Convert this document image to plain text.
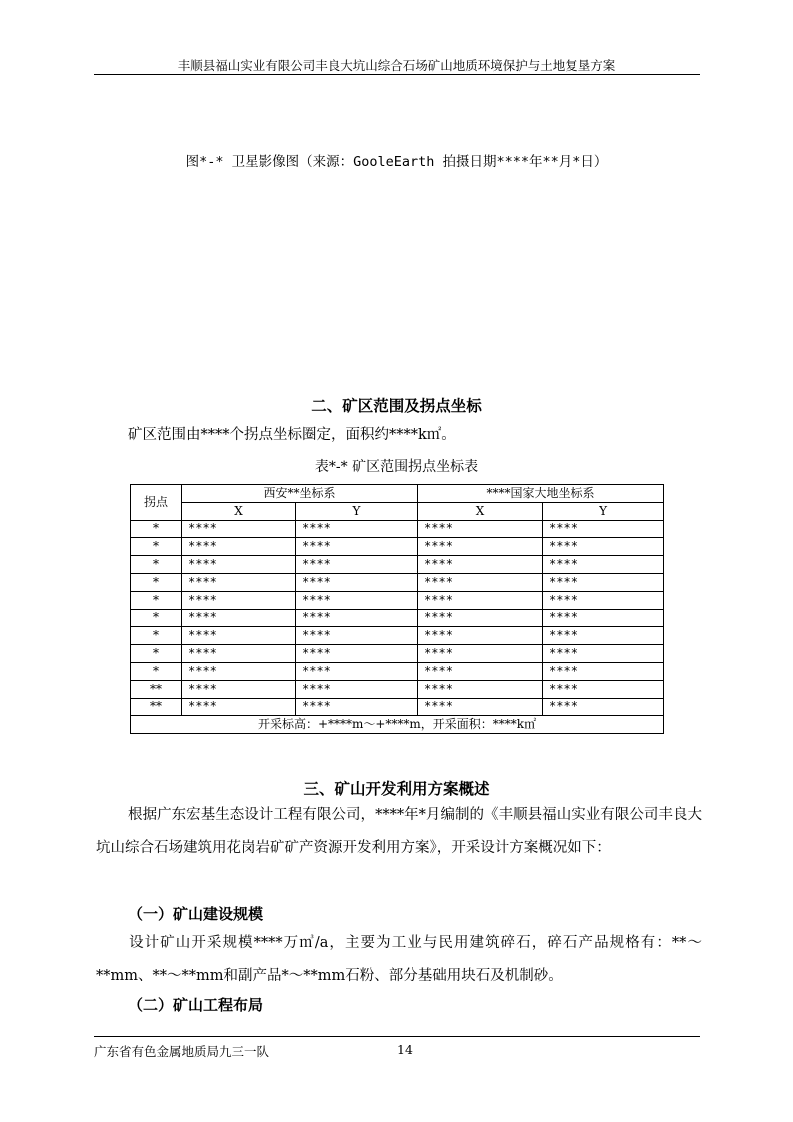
丰顺县福山实业有限公司丰良大坑山综合石场矿山地质环境保护与土地复垦方案
图*-* 卫星影像图（来源：GooleEarth 拍摄日期****年**月*日）
二、矿区范围及拐点坐标
矿区范围由****个拐点坐标圈定，面积约****k㎡。
表*-* 矿区范围拐点坐标表
拐点	西安**坐标系		****国家大地坐标系	
	X	Y	X	Y
*	****	****	****	****
*	****	****	****	****
*	****	****	****	****
*	****	****	****	****
*	****	****	****	****
*	****	****	****	****
*	****	****	****	****
*	****	****	****	****
*	****	****	****	****
**	****	****	****	****
**	****	****	****	****
开采标高：+****m～+****m，开采面积：****k㎡				
三、矿山开发利用方案概述
根据广东宏基生态设计工程有限公司，****年*月编制的《丰顺县福山实业有限公司丰良大坑山综合石场建筑用花岗岩矿矿产资源开发利用方案》，开采设计方案概况如下：
（一）矿山建设规模
设计矿山开采规模****万㎥/a，主要为工业与民用建筑碎石，碎石产品规格有：**～**mm、**～**mm和副产品*～**mm石粉、部分基础用块石及机制砂。
（二）矿山工程布局
广东省有色金属地质局九三一队	14
